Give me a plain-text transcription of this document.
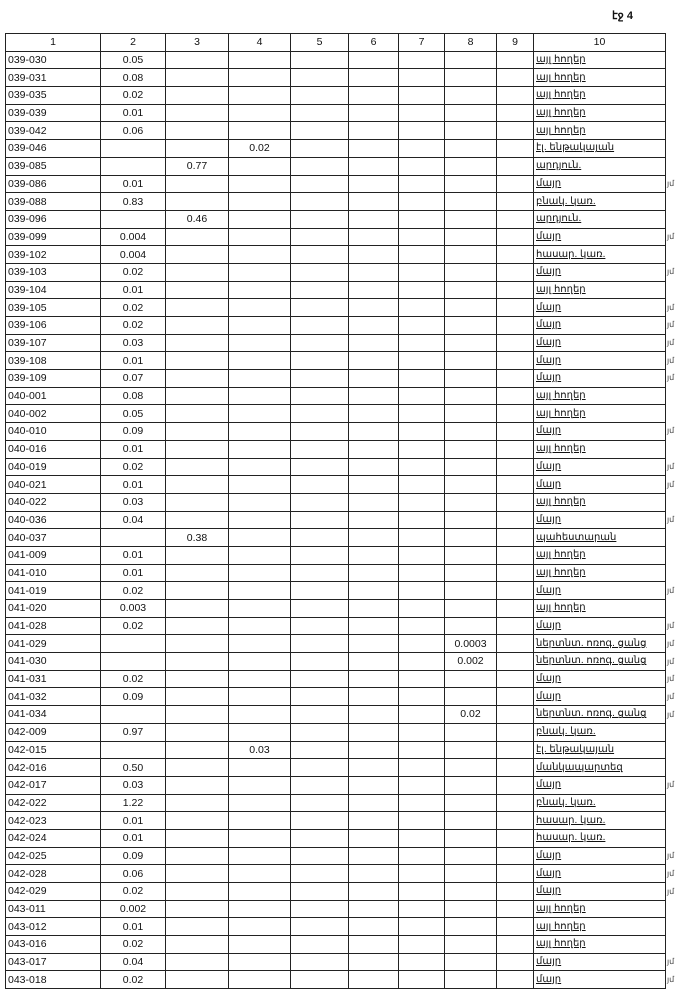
էջ 4
1	2	3	4	5	6	7	8	9	10
039-030	0.05								այլ հողեր
039-031	0.08								այլ հողեր
039-035	0.02								այլ հողեր
039-039	0.01								այլ հողեր
039-042	0.06								այլ հողեր
039-046			0.02						էլ. ենթակայան
039-085		0.77							արդյուն.
039-086	0.01								մայր
039-088	0.83								բնակ. կառ.
039-096		0.46							արդյուն.
039-099	0.004								մայր
039-102	0.004								հասար. կառ.
039-103	0.02								մայր
039-104	0.01								այլ հողեր
039-105	0.02								մայր
039-106	0.02								մայր
039-107	0.03								մայր
039-108	0.01								մայր
039-109	0.07								մայր
040-001	0.08								այլ հողեր
040-002	0.05								այլ հողեր
040-010	0.09								մայր
040-016	0.01								այլ հողեր
040-019	0.02								մայր
040-021	0.01								մայր
040-022	0.03								այլ հողեր
040-036	0.04								մայր
040-037		0.38							պահեստարան
041-009	0.01								այլ հողեր
041-010	0.01								այլ հողեր
041-019	0.02								մայր
041-020	0.003								այլ հողեր
041-028	0.02								մայր
041-029							0.0003		ներտնտ. ոռոգ. ցանց
041-030							0.002		ներտնտ. ոռոգ. ցանց
041-031	0.02								մայր
041-032	0.09								մայր
041-034							0.02		ներտնտ. ոռոգ. ցանց
042-009	0.97								բնակ. կառ.
042-015			0.03						էլ. ենթակայան
042-016	0.50								մանկապարտեզ
042-017	0.03								մայր
042-022	1.22								բնակ. կառ.
042-023	0.01								հասար. կառ.
042-024	0.01								հասար. կառ.
042-025	0.09								մայր
042-028	0.06								մայր
042-029	0.02								մայր
043-011	0.002								այլ հողեր
043-012	0.01								այլ հողեր
043-016	0.02								այլ հողեր
043-017	0.04								մայր
043-018	0.02								մայր
յմ
յմ
յմ
յմ
յմ
յմ
յմ
յմ
յմ
յմ
յմ
յմ
յմ
յմ
յմ
յմ
յմ
յմ
յմ
յմ
յմ
յմ
յմ
յմ
յմ
